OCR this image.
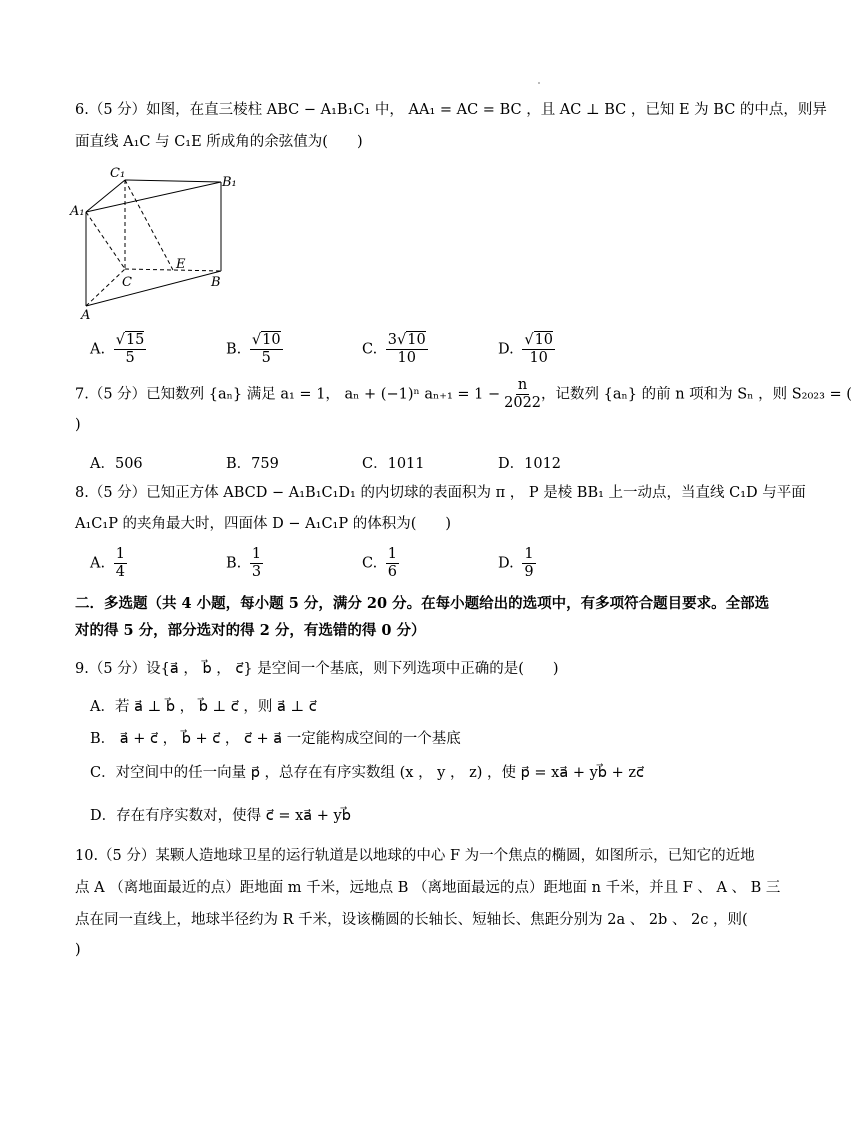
6.（5 分）如图，在直三棱柱 ABC − A₁B₁C₁ 中， AA₁ = AC = BC ，且 AC ⊥ BC ，已知 E 为 BC 的中点，则异
面直线 A₁C 与 C₁E 所成角的余弦值为(　　)
C₁
B₁
A₁
E
C	B
A
A. $\frac{√15}{5}$	B. $\frac{√10}{5}$	C. $\frac{3√10}{10}$	D. $\frac{√10}{10}$
7.（5 分）已知数列 {aₙ} 满足 a₁ = 1， aₙ + (−1)ⁿ $a_{n+1} = 1 - \frac{n}{2022}$ ，记数列 {aₙ} 的前 n 项和为 Sₙ ，则 S₂₀₂₃ = (
)
A．506	B．759	C．1011	D．1012
8.（5 分）已知正方体 ABCD − A₁B₁C₁D₁ 的内切球的表面积为 π ， P 是棱 BB₁ 上一动点，当直线 C₁D 与平面
A₁C₁P 的夹角最大时，四面体 D − A₁C₁P 的体积为(　　)
A. $\frac{1}{4}$	B. $\frac{1}{3}$	C. $\frac{1}{6}$	D. $\frac{1}{9}$
二．多选题（共 4 小题，每小题 5 分，满分 20 分。在每小题给出的选项中，有多项符合题目要求。全部选
对的得 5 分，部分选对的得 2 分，有选错的得 0 分）
9.（5 分）设{a⃗ ， b⃗ ， c⃗} 是空间一个基底，则下列选项中正确的是(　　)
A．若 a⃗ ⊥ b⃗ ， b⃗ ⊥ c⃗ ，则 a⃗ ⊥ c⃗
B． a⃗ + c⃗ ， b⃗ + c⃗ ， c⃗ + a⃗ 一定能构成空间的一个基底
C．对空间中的任一向量 p⃗ ，总存在有序实数组 (x ， y ， z) ，使 p⃗ = xa⃗ + yb⃗ + zc⃗
D．存在有序实数对，使得 c⃗ = xa⃗ + yb⃗
10.（5 分）某颗人造地球卫星的运行轨道是以地球的中心 F 为一个焦点的椭圆，如图所示，已知它的近地
点 A （离地面最近的点）距地面 m 千米，远地点 B （离地面最远的点）距地面 n 千米，并且 F 、 A 、 B 三
点在同一直线上，地球半径约为 R 千米，设该椭圆的长轴长、短轴长、焦距分别为 2a 、 2b 、 2c ，则(
)
